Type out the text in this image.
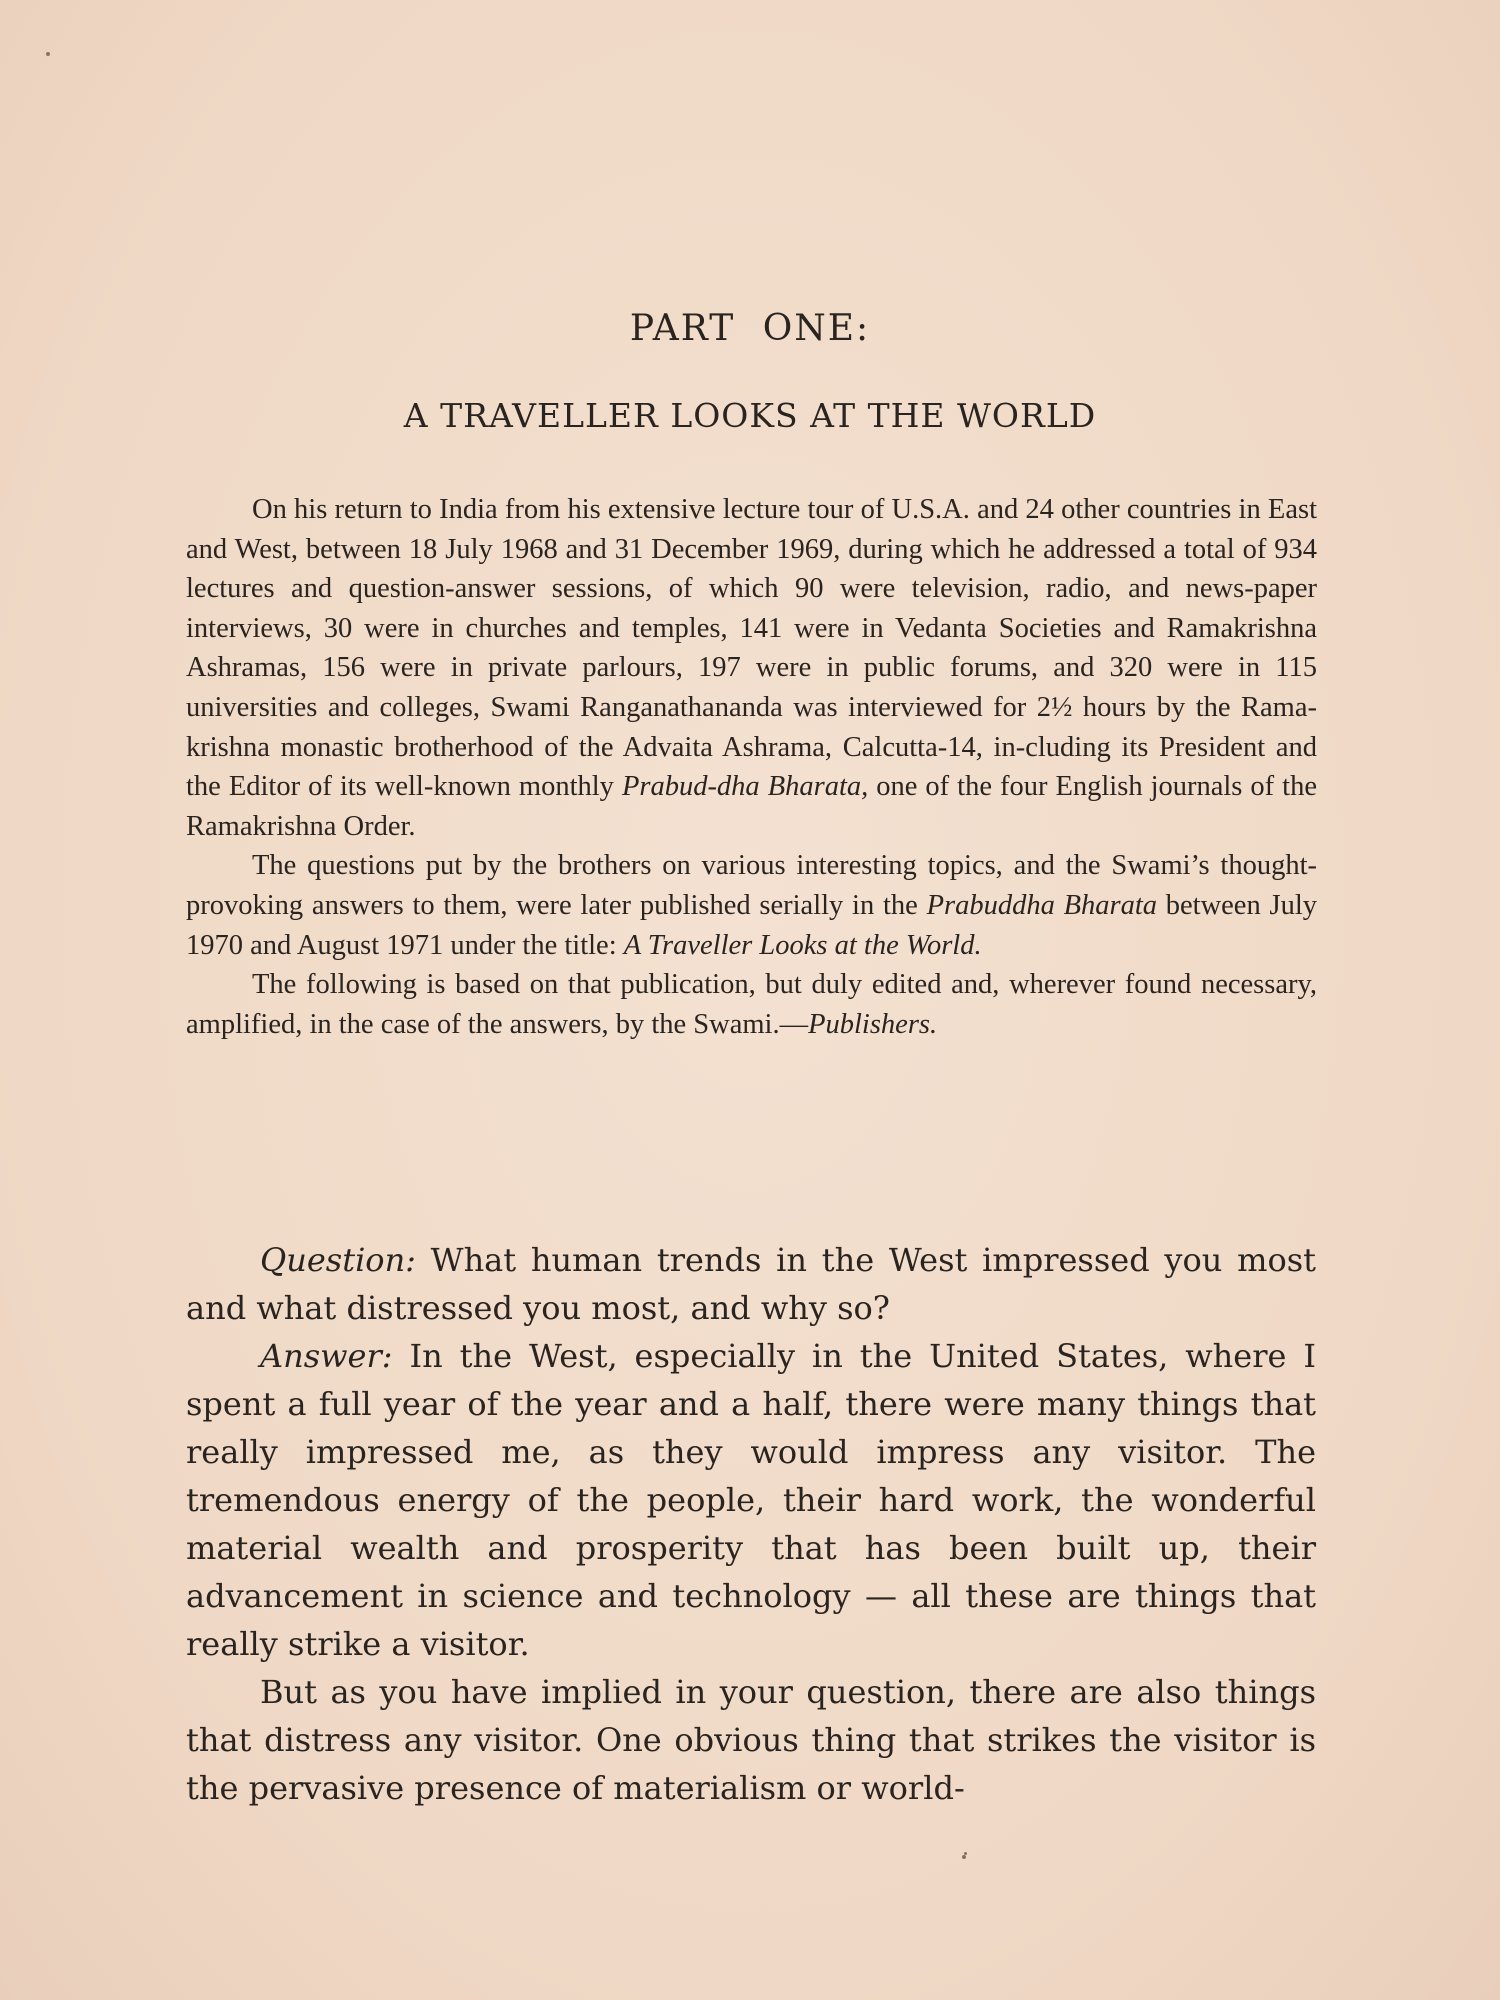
PART ONE:
A TRAVELLER LOOKS AT THE WORLD

On his return to India from his extensive lecture tour of U.S.A. and 24 other countries in East and West, between 18 July 1968 and 31 December 1969, during which he addressed a total of 934 lectures and question-answer sessions, of which 90 were television, radio, and news-paper interviews, 30 were in churches and temples, 141 were in Vedanta Societies and Ramakrishna Ashramas, 156 were in private parlours, 197 were in public forums, and 320 were in 115 universities and colleges, Swami Ranganathananda was interviewed for 2½ hours by the Rama-krishna monastic brotherhood of the Advaita Ashrama, Calcutta-14, in-cluding its President and the Editor of its well-known monthly Prabud-dha Bharata, one of the four English journals of the Ramakrishna Order.

The questions put by the brothers on various interesting topics, and the Swami’s thought-provoking answers to them, were later published serially in the Prabuddha Bharata between July 1970 and August 1971 under the title: A Traveller Looks at the World.

The following is based on that publication, but duly edited and, wherever found necessary, amplified, in the case of the answers, by the Swami.—Publishers.

Question: What human trends in the West impressed you most and what distressed you most, and why so?

Answer: In the West, especially in the United States, where I spent a full year of the year and a half, there were many things that really impressed me, as they would impress any visitor. The tremendous energy of the people, their hard work, the wonderful material wealth and prosperity that has been built up, their advancement in science and technology — all these are things that really strike a visitor.

But as you have implied in your question, there are also things that distress any visitor. One obvious thing that strikes the visitor is the pervasive presence of materialism or world-
